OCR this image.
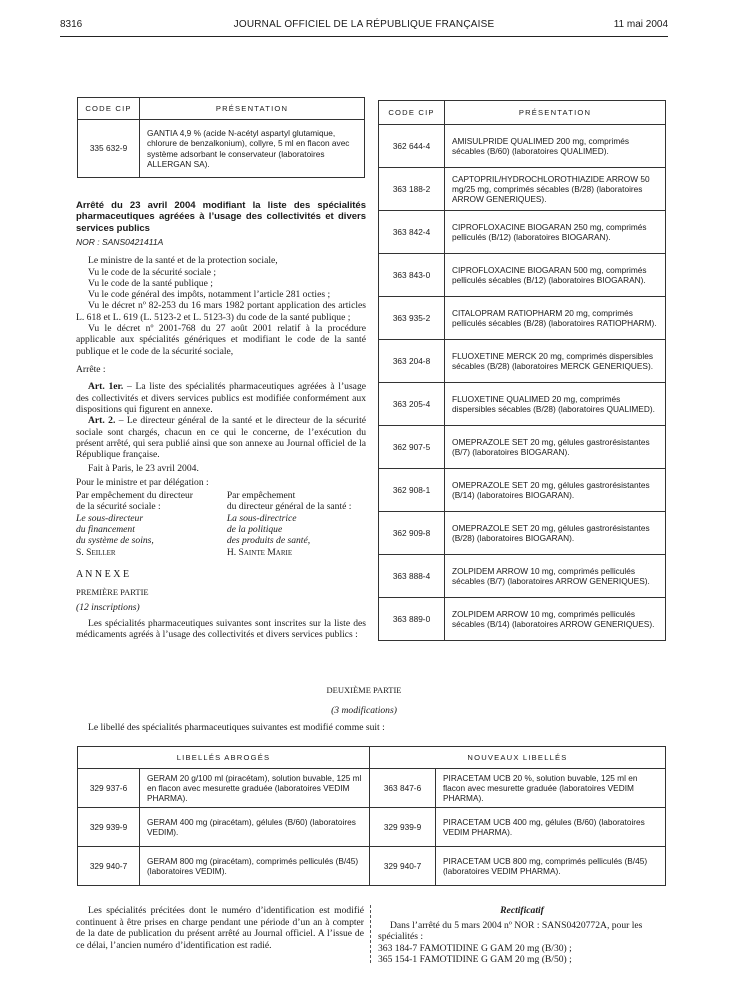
8316	JOURNAL OFFICIEL DE LA RÉPUBLIQUE FRANÇAISE	11 mai 2004
CODE CIP	PRÉSENTATION
335 632-9	GANTIA 4,9 % (acide N-acétyl aspartyl glutamique, chlorure de benzalkonium), collyre, 5 ml en flacon avec système adsorbant le conservateur (laboratoires ALLERGAN SA).

Arrêté du 23 avril 2004 modifiant la liste des spécialités pharmaceutiques agréées à l’usage des collectivités et divers services publics

NOR : SANS0421411A

Le ministre de la santé et de la protection sociale,

Vu le code de la sécurité sociale ;

Vu le code de la santé publique ;

Vu le code général des impôts, notamment l’article 281 octies ;

Vu le décret nº 82-253 du 16 mars 1982 portant application des articles L. 618 et L. 619 (L. 5123-2 et L. 5123-3) du code de la santé publique ;

Vu le décret nº 2001-768 du 27 août 2001 relatif à la procédure applicable aux spécialités génériques et modifiant le code de la santé publique et le code de la sécurité sociale,

Arrête :

Art. 1er. – La liste des spécialités pharmaceutiques agréées à l’usage des collectivités et divers services publics est modifiée conformément aux dispositions qui figurent en annexe.

Art. 2. – Le directeur général de la santé et le directeur de la sécurité sociale sont chargés, chacun en ce qui le concerne, de l’exécution du présent arrêté, qui sera publié ainsi que son annexe au Journal officiel de la République française.

Fait à Paris, le 23 avril 2004.

Pour le ministre et par délégation :

Par empêchement du directeur

de la sécurité sociale :

Le sous-directeur

du financement

du système de soins,

S. Seiller

Par empêchement

du directeur général de la santé :

La sous-directrice

de la politique

des produits de santé,

H. Sainte Marie

A N N E X E

PREMIÈRE PARTIE

(12 inscriptions)

Les spécialités pharmaceutiques suivantes sont inscrites sur la liste des médicaments agréés à l’usage des collectivités et divers services publics :

CODE CIP	PRÉSENTATION
362 644-4	AMISULPRIDE QUALIMED 200 mg, comprimés sécables (B/60) (laboratoires QUALIMED).
363 188-2	CAPTOPRIL/HYDROCHLOROTHIAZIDE ARROW 50 mg/25 mg, comprimés sécables (B/28) (laboratoires ARROW GENERIQUES).
363 842-4	CIPROFLOXACINE BIOGARAN 250 mg, comprimés pelliculés (B/12) (laboratoires BIOGARAN).
363 843-0	CIPROFLOXACINE BIOGARAN 500 mg, comprimés pelliculés sécables (B/12) (laboratoires BIOGARAN).
363 935-2	CITALOPRAM RATIOPHARM 20 mg, comprimés pelliculés sécables (B/28) (laboratoires RATIOPHARM).
363 204-8	FLUOXETINE MERCK 20 mg, comprimés dispersibles sécables (B/28) (laboratoires MERCK GENERIQUES).
363 205-4	FLUOXETINE QUALIMED 20 mg, comprimés dispersibles sécables (B/28) (laboratoires QUALIMED).
362 907-5	OMEPRAZOLE SET 20 mg, gélules gastrorésistantes (B/7) (laboratoires BIOGARAN).
362 908-1	OMEPRAZOLE SET 20 mg, gélules gastrorésistantes (B/14) (laboratoires BIOGARAN).
362 909-8	OMEPRAZOLE SET 20 mg, gélules gastrorésistantes (B/28) (laboratoires BIOGARAN).
363 888-4	ZOLPIDEM ARROW 10 mg, comprimés pelliculés sécables (B/7) (laboratoires ARROW GENERIQUES).
363 889-0	ZOLPIDEM ARROW 10 mg, comprimés pelliculés sécables (B/14) (laboratoires ARROW GENERIQUES).

DEUXIÈME PARTIE

(3 modifications)

Le libellé des spécialités pharmaceutiques suivantes est modifié comme suit :

LIBELLÉS ABROGÉS		NOUVEAUX LIBELLÉS	
329 937-6	GERAM 20 g/100 ml (piracétam), solution buvable, 125 ml en flacon avec mesurette graduée (laboratoires VEDIM PHARMA).	363 847-6	PIRACETAM UCB 20 %, solution buvable, 125 ml en flacon avec mesurette graduée (laboratoires VEDIM PHARMA).
329 939-9	GERAM 400 mg (piracétam), gélules (B/60) (laboratoires VEDIM).	329 939-9	PIRACETAM UCB 400 mg, gélules (B/60) (laboratoires VEDIM PHARMA).
329 940-7	GERAM 800 mg (piracétam), comprimés pelliculés (B/45) (laboratoires VEDIM).	329 940-7	PIRACETAM UCB 800 mg, comprimés pelliculés (B/45) (laboratoires VEDIM PHARMA).

Les spécialités précitées dont le numéro d’identification est modifié continuent à être prises en charge pendant une période d’un an à compter de la date de publication du présent arrêté au Journal officiel. A l’issue de ce délai, l’ancien numéro d’identification est radié.

Rectificatif

Dans l’arrêté du 5 mars 2004 nº NOR : SANS0420772A, pour les spécialités :

363 184-7 FAMOTIDINE G GAM 20 mg (B/30) ;

365 154-1 FAMOTIDINE G GAM 20 mg (B/50) ;
